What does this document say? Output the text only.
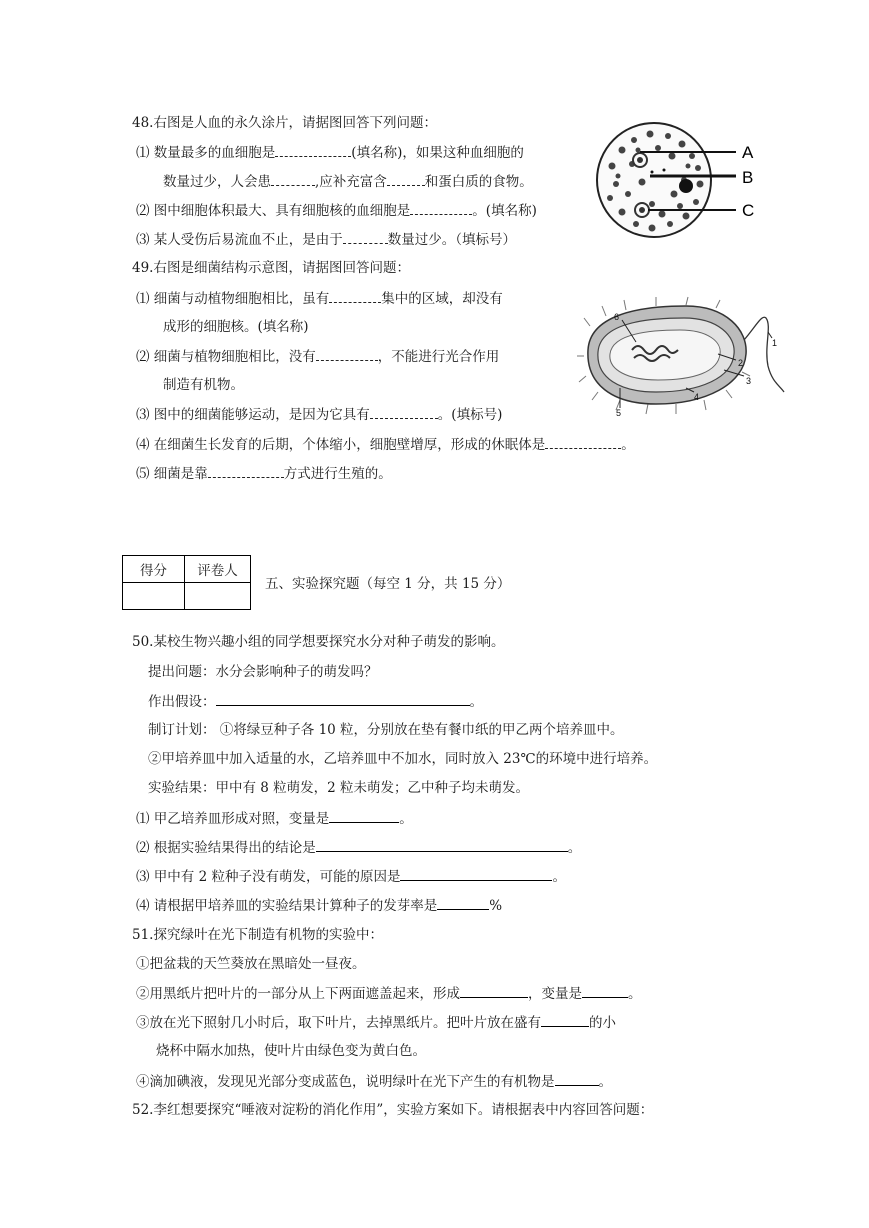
48.右图是人血的永久涂片，请据图回答下列问题：
⑴ 数量最多的血细胞是	(填名称)，如果这种血细胞的
数量过少，人会患	,应补充富含	和蛋白质的食物。
⑵ 图中细胞体积最大、具有细胞核的血细胞是	。(填名称)
⑶ 某人受伤后易流血不止，是由于	数量过少。（填标号）
A
B
C
49.右图是细菌结构示意图，请据图回答问题：
⑴ 细菌与动植物细胞相比，虽有	集中的区域，却没有
成形的细胞核。(填名称)
⑵ 细菌与植物细胞相比，没有	，不能进行光合作用
制造有机物。
⑶ 图中的细菌能够运动，是因为它具有	。(填标号)
⑷ 在细菌生长发育的后期，个体缩小，细胞壁增厚，形成的休眠体是	。
⑸ 细菌是靠	方式进行生殖的。
6
1
2
3
4
5
得分	评卷人

五、实验探究题（每空 1 分，共 15 分）
50.某校生物兴趣小组的同学想要探究水分对种子萌发的影响。
提出问题：水分会影响种子的萌发吗？
作出假设：	。
制订计划： ①将绿豆种子各 10 粒，分别放在垫有餐巾纸的甲乙两个培养皿中。
②甲培养皿中加入适量的水，乙培养皿中不加水，同时放入 23℃的环境中进行培养。
实验结果：甲中有 8 粒萌发，2 粒未萌发；乙中种子均未萌发。
⑴ 甲乙培养皿形成对照，变量是	。
⑵ 根据实验结果得出的结论是	。
⑶ 甲中有 2 粒种子没有萌发，可能的原因是	。
⑷ 请根据甲培养皿的实验结果计算种子的发芽率是	%
51.探究绿叶在光下制造有机物的实验中：
①把盆栽的天竺葵放在黑暗处一昼夜。
②用黑纸片把叶片的一部分从上下两面遮盖起来，形成	，变量是	。
③放在光下照射几小时后，取下叶片，去掉黑纸片。把叶片放在盛有	的小
烧杯中隔水加热，使叶片由绿色变为黄白色。
④滴加碘液，发现见光部分变成蓝色，说明绿叶在光下产生的有机物是	。
52.李红想要探究“唾液对淀粉的消化作用”，实验方案如下。请根据表中内容回答问题：
